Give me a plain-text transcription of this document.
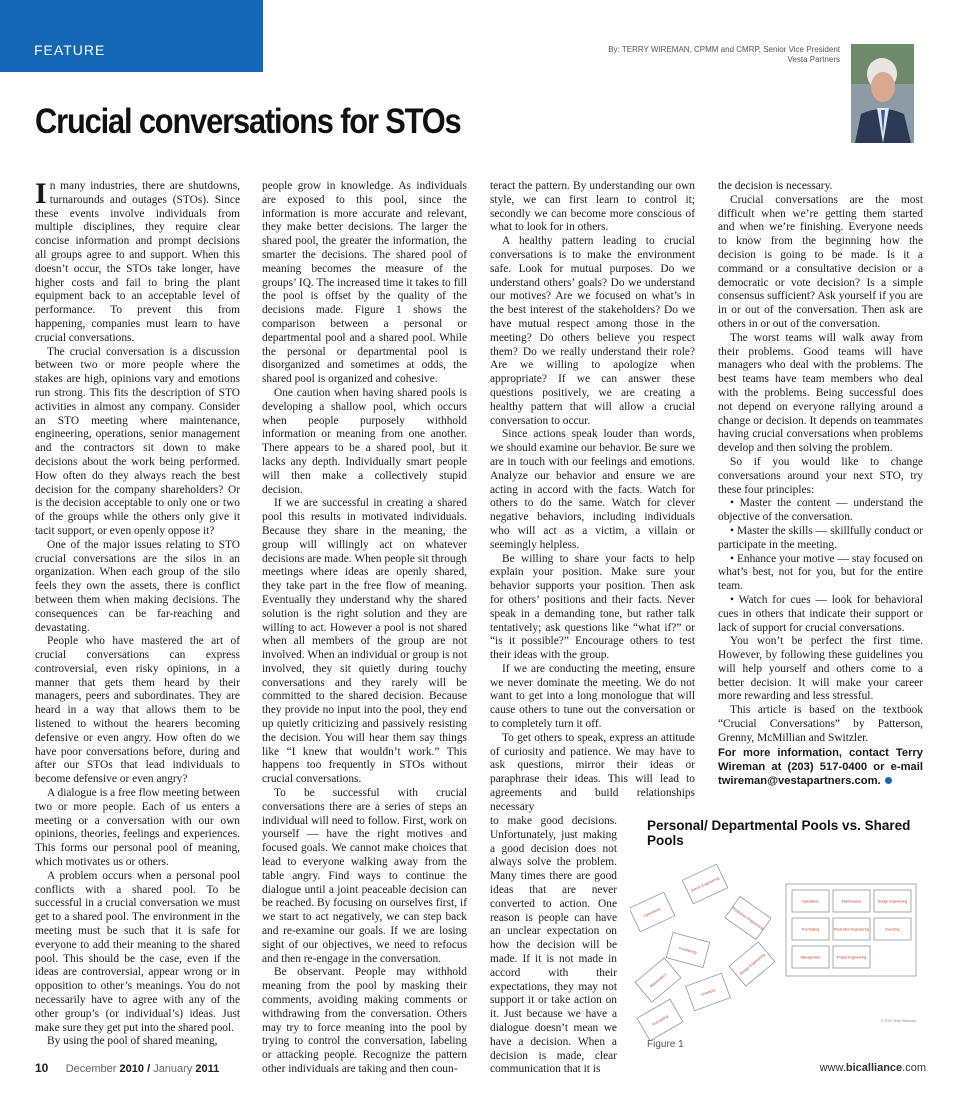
FEATURE	By: TERRY WIREMAN, CPMM and CMRP, Senior Vice President
Vesta Partners
Crucial conversations for STOs

In many industries, there are shutdowns, turnarounds and outages (STOs). Since these events involve individuals from multiple disciplines, they require clear concise information and prompt decisions all groups agree to and support. When this doesn’t occur, the STOs take longer, have higher costs and fail to bring the plant equipment back to an acceptable level of performance. To prevent this from happening, companies must learn to have crucial conversations.

The crucial conversation is a discussion between two or more people where the stakes are high, opinions vary and emotions run strong. This fits the description of STO activities in almost any company. Consider an STO meeting where maintenance, engineering, operations, senior management and the contractors sit down to make decisions about the work being performed. How often do they always reach the best decision for the company shareholders? Or is the decision acceptable to only one or two of the groups while the others only give it tacit support, or even openly oppose it?

One of the major issues relating to STO crucial conversations are the silos in an organization. When each group of the silo feels they own the assets, there is conflict between them when making decisions. The consequences can be far-reaching and devastating.

People who have mastered the art of crucial conversations can express controversial, even risky opinions, in a manner that gets them heard by their managers, peers and subordinates. They are heard in a way that allows them to be listened to without the hearers becoming defensive or even angry. How often do we have poor conversations before, during and after our STOs that lead individuals to become defensive or even angry?

A dialogue is a free flow meeting between two or more people. Each of us enters a meeting or a conversation with our own opinions, theories, feelings and experiences. This forms our personal pool of meaning, which motivates us or others.

A problem occurs when a personal pool conflicts with a shared pool. To be successful in a crucial conversation we must get to a shared pool. The environment in the meeting must be such that it is safe for everyone to add their meaning to the shared pool. This should be the case, even if the ideas are controversial, appear wrong or in opposition to other’s meanings. You do not necessarily have to agree with any of the other group’s (or individual’s) ideas. Just make sure they get put into the shared pool.

By using the pool of shared meaning,

people grow in knowledge. As individuals are exposed to this pool, since the information is more accurate and relevant, they make better decisions. The larger the shared pool, the greater the information, the smarter the decisions. The shared pool of meaning becomes the measure of the groups’ IQ. The increased time it takes to fill the pool is offset by the quality of the decisions made. Figure 1 shows the comparison between a personal or departmental pool and a shared pool. While the personal or departmental pool is disorganized and sometimes at odds, the shared pool is organized and cohesive.

One caution when having shared pools is developing a shallow pool, which occurs when people purposely withhold information or meaning from one another. There appears to be a shared pool, but it lacks any depth. Individually smart people will then make a collectively stupid decision.

If we are successful in creating a shared pool this results in motivated individuals. Because they share in the meaning, the group will willingly act on whatever decisions are made. When people sit through meetings where ideas are openly shared, they take part in the free flow of meaning. Eventually they understand why the shared solution is the right solution and they are willing to act. However a pool is not shared when all members of the group are not involved. When an individual or group is not involved, they sit quietly during touchy conversations and they rarely will be committed to the shared decision. Because they provide no input into the pool, they end up quietly criticizing and passively resisting the decision. You will hear them say things like “I knew that wouldn’t work.” This happens too frequently in STOs without crucial conversations.

To be successful with crucial conversations there are a series of steps an individual will need to follow. First, work on yourself — have the right motives and focused goals. We cannot make choices that lead to everyone walking away from the table angry. Find ways to continue the dialogue until a joint peaceable decision can be reached. By focusing on ourselves first, if we start to act negatively, we can step back and re-examine our goals. If we are losing sight of our objectives, we need to refocus and then re-engage in the conversation.

Be observant. People may withhold meaning from the pool by masking their comments, avoiding making comments or withdrawing from the conversation. Others may try to force meaning into the pool by trying to control the conversation, labeling or attacking people. Recognize the pattern other individuals are taking and then coun-

teract the pattern. By understanding our own style, we can first learn to control it; secondly we can become more conscious of what to look for in others.

A healthy pattern leading to crucial conversations is to make the environment safe. Look for mutual purposes. Do we understand others’ goals? Do we understand our motives? Are we focused on what’s in the best interest of the stakeholders? Do we have mutual respect among those in the meeting? Do others believe you respect them? Do we really understand their role? Are we willing to apologize when appropriate? If we can answer these questions positively, we are creating a healthy pattern that will allow a crucial conversation to occur.

Since actions speak louder than words, we should examine our behavior. Be sure we are in touch with our feelings and emotions. Analyze our behavior and ensure we are acting in accord with the facts. Watch for others to do the same. Watch for clever negative behaviors, including individuals who will act as a victim, a villain or seemingly helpless.

Be willing to share your facts to help explain your position. Make sure your behavior supports your position. Then ask for others’ positions and their facts. Never speak in a demanding tone, but rather talk tentatively; ask questions like “what if?” or “is it possible?” Encourage others to test their ideas with the group.

If we are conducting the meeting, ensure we never dominate the meeting. We do not want to get into a long monologue that will cause others to tune out the conversation or to completely turn it off.

To get others to speak, express an attitude of curiosity and patience. We may have to ask questions, mirror their ideas or paraphrase their ideas. This will lead to agreements and build relationships necessary

to make good decisions. Unfortunately, just making a good decision does not always solve the problem. Many times there are good ideas that are never converted to action. One reason is people can have an unclear expectation on how the decision will be made. If it is not made in accord with their expectations, they may not support it or take action on it. Just because we have a dialogue doesn’t mean we have a decision. When a decision is made, clear communication that it is

the decision is necessary.

Crucial conversations are the most difficult when we’re getting them started and when we’re finishing. Everyone needs to know from the beginning how the decision is going to be made. Is it a command or a consultative decision or a democratic or vote decision? Is a simple consensus sufficient? Ask yourself if you are in or out of the conversation. Then ask are others in or out of the conversation.

The worst teams will walk away from their problems. Good teams will have managers who deal with the problems. The best teams have team members who deal with the problems. Being successful does not depend on everyone rallying around a change or decision. It depends on teammates having crucial conversations when problems develop and then solving the problem.

So if you would like to change conversations around your next STO, try these four principles:

• Master the content — understand the objective of the conversation.

• Master the skills — skillfully conduct or participate in the meeting.

• Enhance your motive — stay focused on what’s best, not for you, but for the entire team.

• Watch for cues — look for behavioral cues in others that indicate their support or lack of support for crucial conversations.

You won’t be perfect the first time. However, by following these guidelines you will help yourself and others come to a better decision. It will make your career more rewarding and less stressful.

This article is based on the textbook “Crucial Conversations” by Patterson, Grenny, McMillian and Switzler.

For more information, contact Terry Wireman at (203) 517-0400 or e-mail twireman@vestapartners.com.

Personal/ Departmental Pools vs. Shared Pools
Operations
Senior Engineering
Production Engineering
Purchasing
Maintenance
Inventory
Design Engineering
Accounting
Operations	Maintenance	Design Engineering
Purchasing	Production Engineering	Inventory
Management	Project Engineering
© 2010 Terry Wireman
Figure 1
10 December 2010 / January 2011	www.bicalliance.com
